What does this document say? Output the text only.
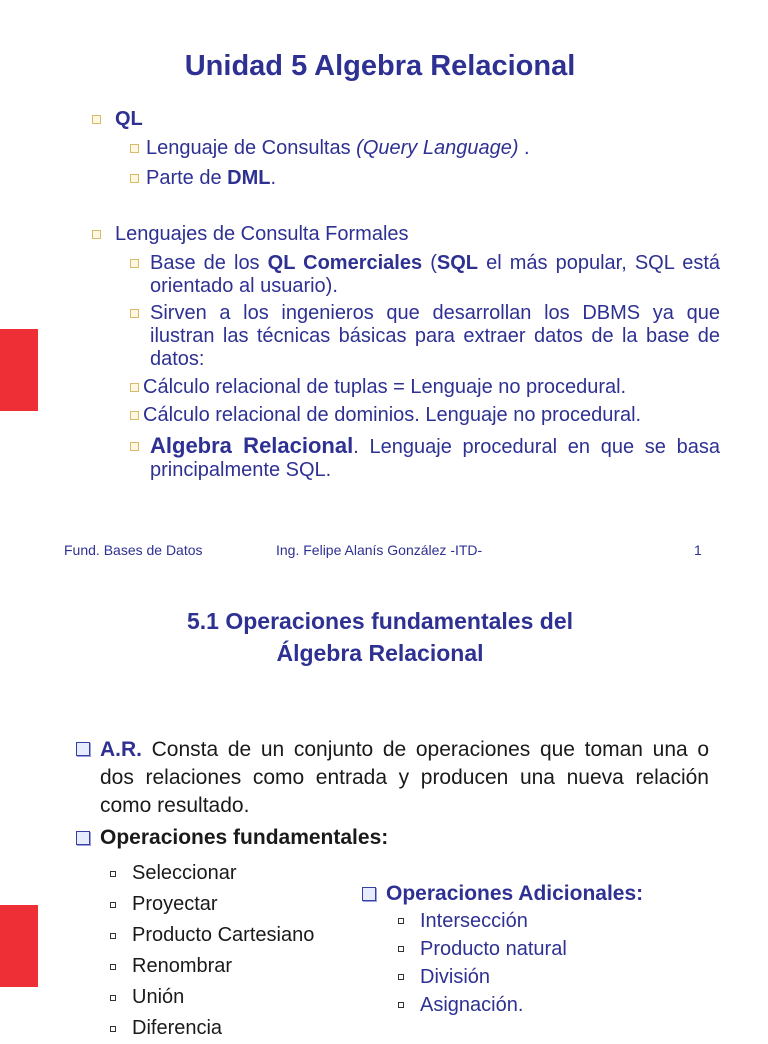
Unidad 5 Algebra Relacional
QL
Lenguaje de Consultas (Query Language) .
Parte de DML.
Lenguajes de Consulta Formales
Base de los QL Comerciales (SQL el más popular, SQL está orientado al usuario).
Sirven a los ingenieros que desarrollan los DBMS ya que ilustran las técnicas básicas para extraer datos de la base de datos:
Cálculo relacional de tuplas = Lenguaje no procedural.
Cálculo relacional de dominios. Lenguaje no procedural.
Algebra Relacional. Lenguaje procedural en que se basa principalmente SQL.
Fund. Bases de Datos	Ing. Felipe Alanís González -ITD-	1
5.1 Operaciones fundamentales del
Álgebra Relacional
A.R. Consta de un conjunto de operaciones que toman una o dos relaciones como entrada y producen una nueva relación como resultado.
Operaciones fundamentales:
Seleccionar
Proyectar
Producto Cartesiano
Renombrar
Unión
Diferencia
Operaciones Adicionales:
Intersección
Producto natural
División
Asignación.
